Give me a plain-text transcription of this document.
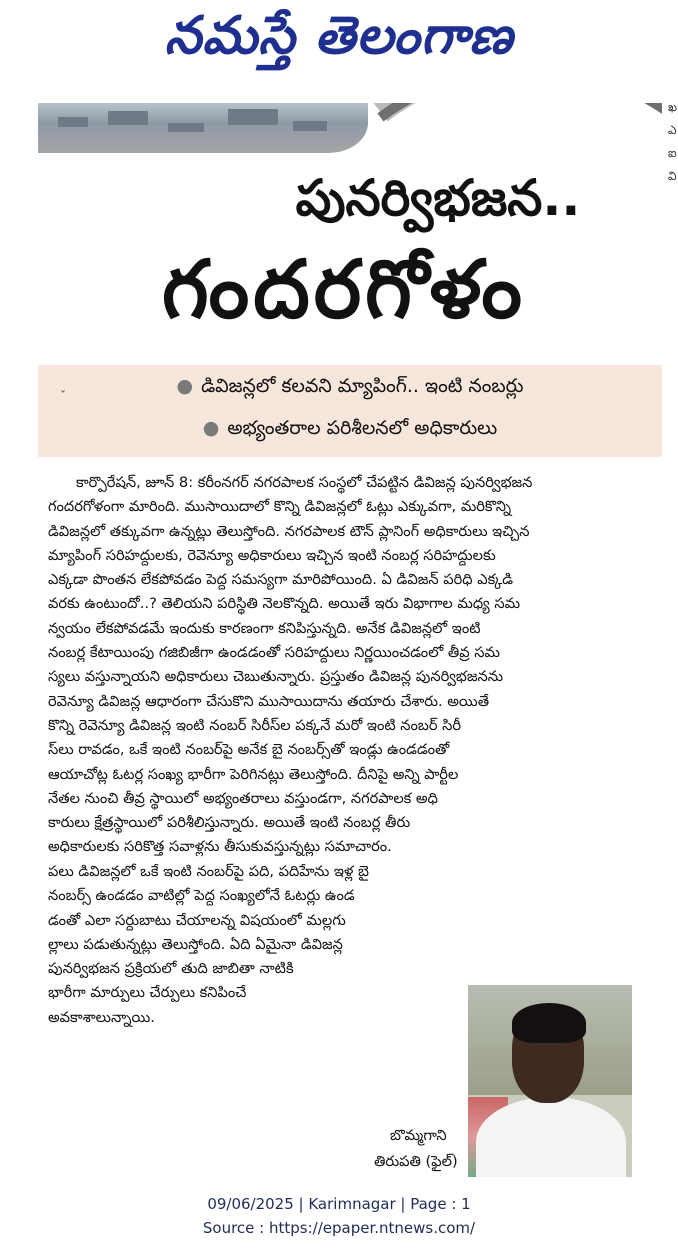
నమస్తే తెలంగాణ
పునర్విభజన..
గందరగోళం
ˇ	● డివిజన్లలో కలవని మ్యాపింగ్‌.. ఇంటి నంబర్లు
● అభ్యంతరాల పరిశీలనలో అధికారులు

కార్పొరేషన్‌, జూన్‌ 8: కరీంనగర్‌ నగరపాలక సంస్థలో చేపట్టిన డివిజన్ల పునర్విభజన

గందరగోళంగా మారింది. ముసాయిదాలో కొన్ని డివిజన్లలో ఓట్లు ఎక్కువగా, మరికొన్ని

డివిజన్లలో తక్కువగా ఉన్నట్లు తెలుస్తోంది. నగరపాలక టౌన్‌ ప్లానింగ్‌ అధికారులు ఇచ్చిన

మ్యాపింగ్‌ సరిహద్దులకు, రెవెన్యూ అధికారులు ఇచ్చిన ఇంటి నంబర్ల సరిహద్దులకు

ఎక్కడా పొంతన లేకపోవడం పెద్ద సమస్యగా మారిపోయింది. ఏ డివిజన్‌ పరిధి ఎక్కడి

వరకు ఉంటుందో..? తెలియని పరిస్థితి నెలకొన్నది. అయితే ఇరు విభాగాల మధ్య సమ

న్వయం లేకపోవడమే ఇందుకు కారణంగా కనిపిస్తున్నది. అనేక డివిజన్లలో ఇంటి

నంబర్ల కేటాయింపు గజిబిజీగా ఉండడంతో సరిహద్దులు నిర్ణయించడంలో తీవ్ర సమ

స్యలు వస్తున్నాయని అధికారులు చెబుతున్నారు. ప్రస్తుతం డివిజన్ల పునర్విభజనను

రెవెన్యూ డివిజన్ల ఆధారంగా చేసుకొని ముసాయిదాను తయారు చేశారు. అయితే

కొన్ని రెవెన్యూ డివిజన్ల ఇంటి నంబర్‌ సిరీస్‌ల పక్కనే మరో ఇంటి నంబర్‌ సిరీ

స్‌లు రావడం, ఒకే ఇంటి నంబర్‌పై అనేక బై నంబర్స్‌తో ఇండ్లు ఉండడంతో

ఆయాచోట్ల ఓటర్ల సంఖ్య భారీగా పెరిగినట్లు తెలుస్తోంది. దీనిపై అన్ని పార్టీల

నేతల నుంచి తీవ్ర స్థాయిలో అభ్యంతరాలు వస్తుండగా, నగరపాలక అధి

కారులు క్షేత్రస్థాయిలో పరిశీలిస్తున్నారు. అయితే ఇంటి నంబర్ల తీరు

అధికారులకు సరికొత్త సవాళ్లను తీసుకువస్తున్నట్లు సమాచారం.

పలు డివిజన్లలో ఒకే ఇంటి నంబర్‌పై పది, పదిహేను ఇళ్ల బై

నంబర్స్‌ ఉండడం వాటిల్లో పెద్ద సంఖ్యలోనే ఓటర్లు ఉండ

డంతో ఎలా సర్దుబాటు చేయాలన్న విషయంలో మల్లగు

ల్లాలు పడుతున్నట్లు తెలుస్తోంది. ఏది ఏమైనా డివిజన్ల

పునర్విభజన ప్రక్రియలో తుది జాబితా నాటికి

భారీగా మార్పులు చేర్పులు కనిపించే

అవకాశాలున్నాయి.

బొమ్మగాని
తిరుపతి (ఫైల్‌)
ఖ
ఎ
ఐ
వి
09/06/2025 | Karimnagar | Page : 1
Source : https://epaper.ntnews.com/
